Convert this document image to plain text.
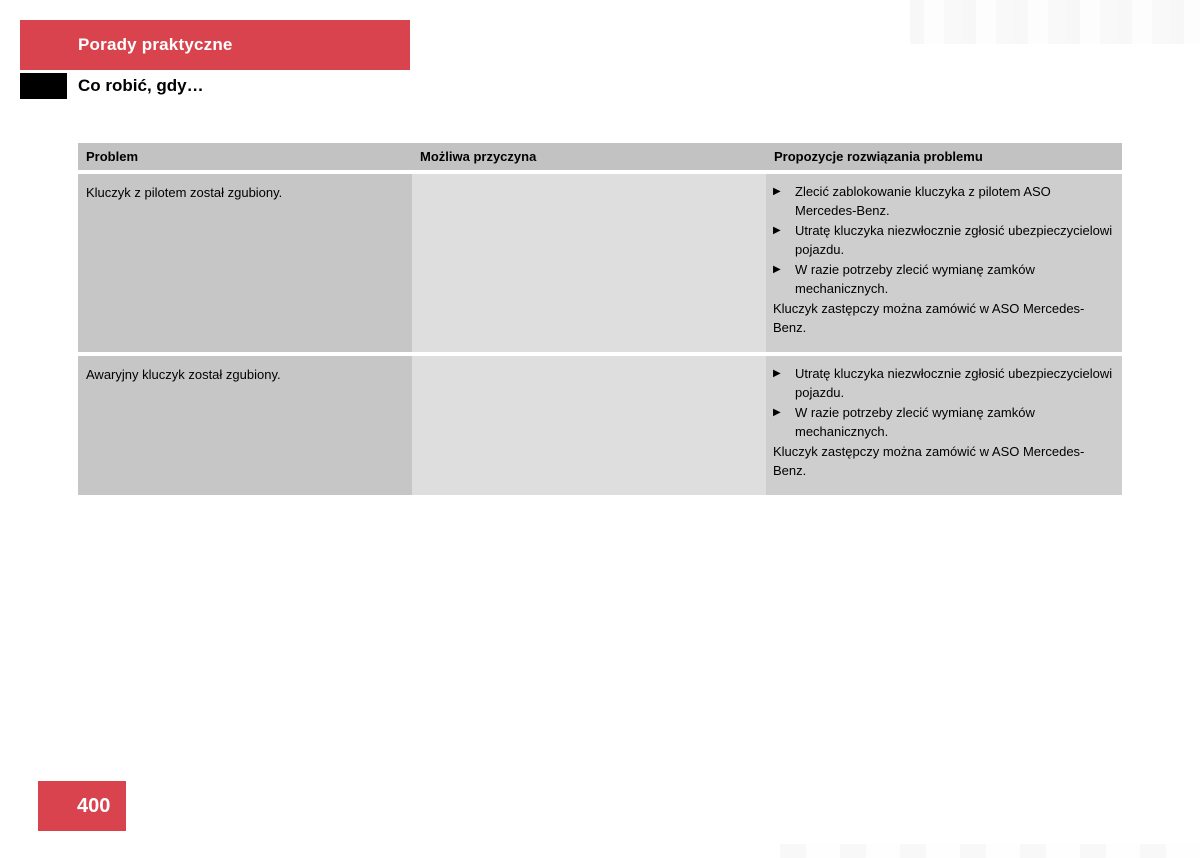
Porady praktyczne
Co robić, gdy…
Problem	Możliwa przyczyna	Propozycje rozwiązania problemu
Kluczyk z pilotem został zgubiony.		▶	Zlecić zablokowanie kluczyka z pilotem ASO Mercedes-Benz.
▶	Utratę kluczyka niezwłocznie zgłosić ubezpieczycielowi pojazdu.
▶	W razie potrzeby zlecić wymianę zamków mechanicznych.
Kluczyk zastępczy można zamówić w ASO Mercedes-Benz.

Awaryjny kluczyk został zgubiony.		▶ Utratę kluczyka niezwłocznie zgłosić ubezpieczycielowi pojazdu.
▶ W razie potrzeby zlecić wymianę zamków mechanicznych.
Kluczyk zastępczy można zamówić w ASO Mercedes-Benz.
400
